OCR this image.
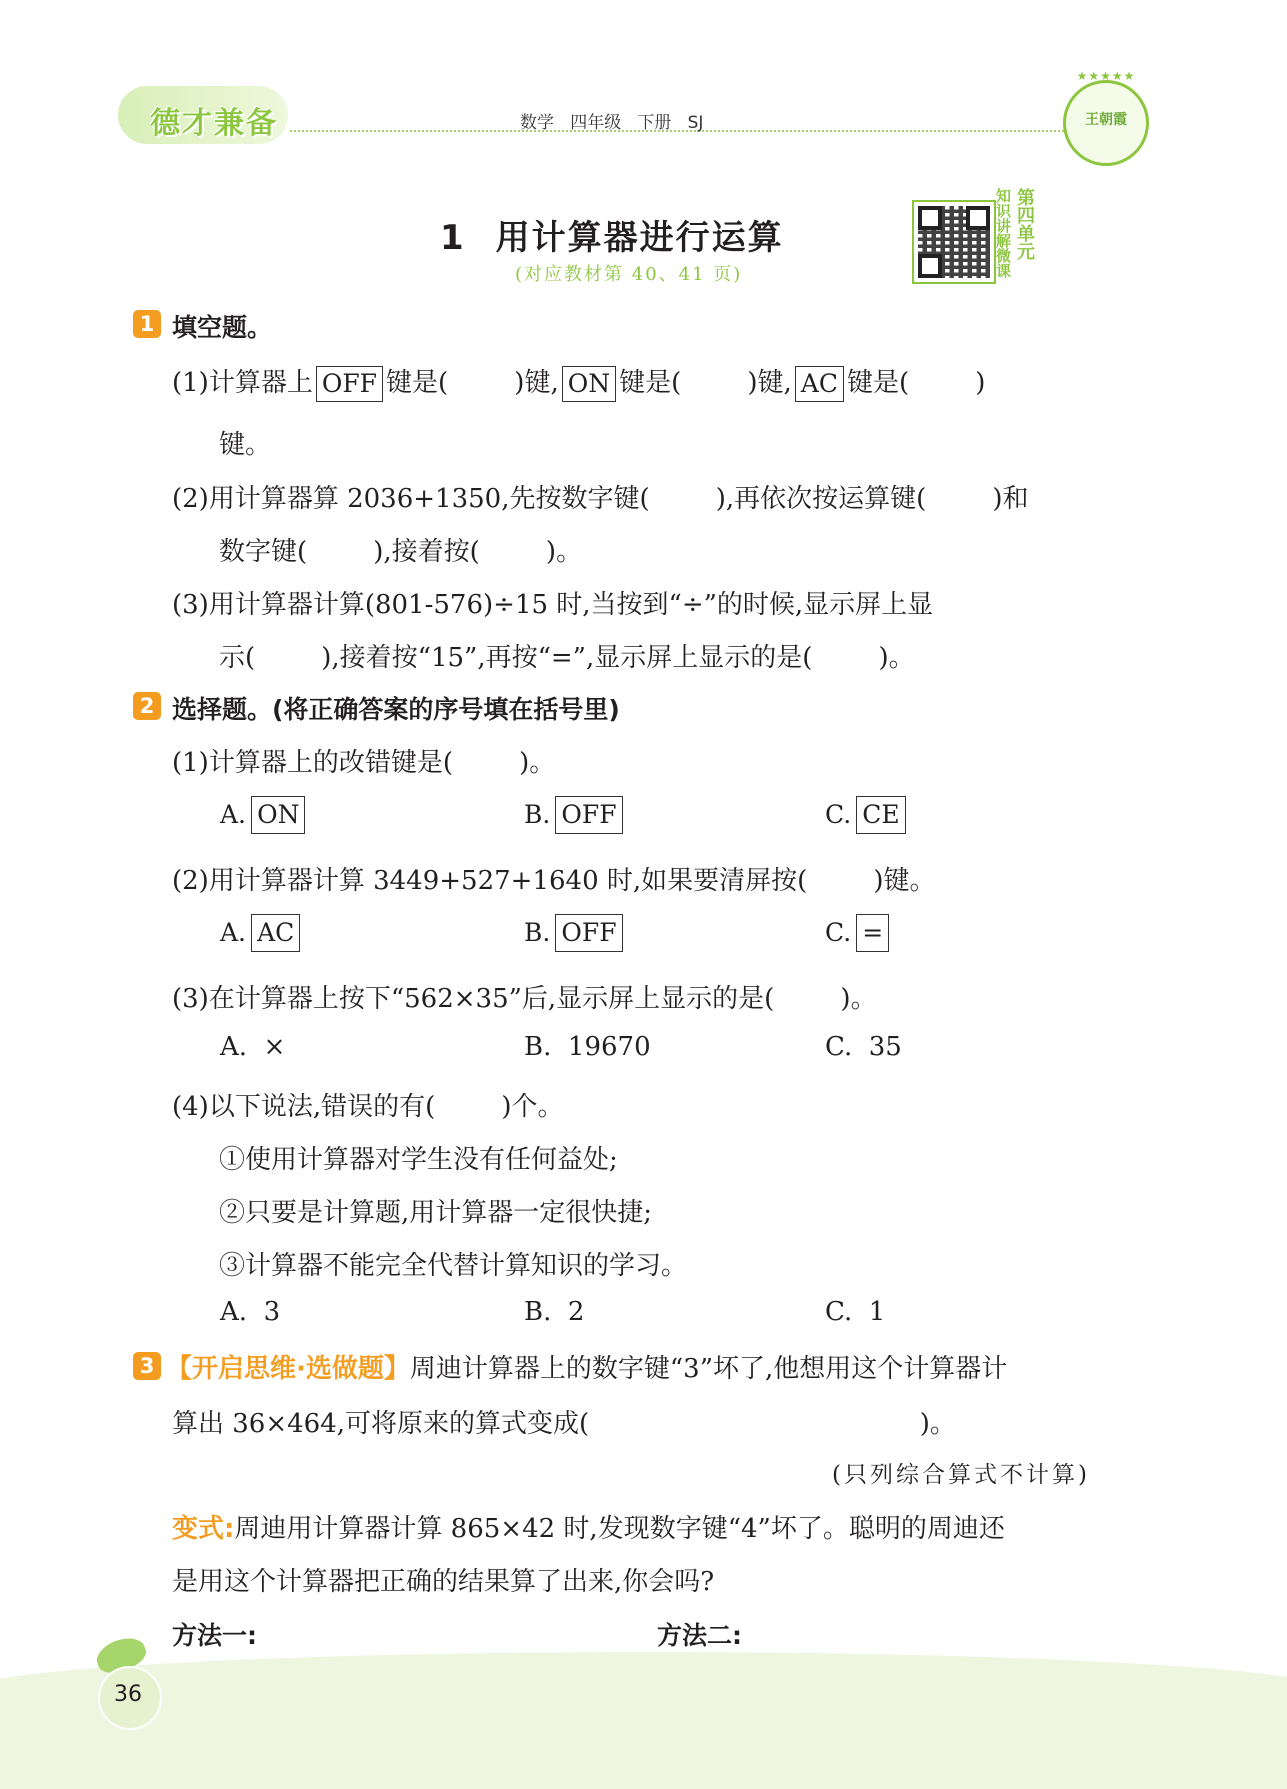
德才兼备	数学   四年级   下册   SJ
★★★★★
王朝霞
1 用计算器进行运算
(对应教材第 40、41 页)	知识讲解微课 第四单元
1 填空题。
(1)计算器上 OFF 键是(        )键, ON 键是(        )键, AC 键是(        )
键。
(2)用计算器算 2036+1350,先按数字键(        ),再依次按运算键(        )和
数字键(        ),接着按(        )。
(3)用计算器计算(801-576)÷15 时,当按到“÷”的时候,显示屏上显
示(        ),接着按“15”,再按“=”,显示屏上显示的是(        )。
2 选择题。(将正确答案的序号填在括号里)
(1)计算器上的改错键是(        )。
A. ON	B. OFF	C. CE
(2)用计算器计算 3449+527+1640 时,如果要清屏按(        )键。
A. AC	B. OFF	C. =
(3)在计算器上按下“562×35”后,显示屏上显示的是(        )。
A.  ×	B.  19670	C.  35
(4)以下说法,错误的有(        )个。
①使用计算器对学生没有任何益处;
②只要是计算题,用计算器一定很快捷;
③计算器不能完全代替计算知识的学习。
A.  3	B.  2	C.  1
3 【开启思维·选做题】周迪计算器上的数字键“3”坏了,他想用这个计算器计
算出 36×464,可将原来的算式变成(                                        )。
(只列综合算式不计算)
变式:周迪用计算器计算 865×42 时,发现数字键“4”坏了。聪明的周迪还
是用这个计算器把正确的结果算了出来,你会吗?
方法一:	方法二:
36
